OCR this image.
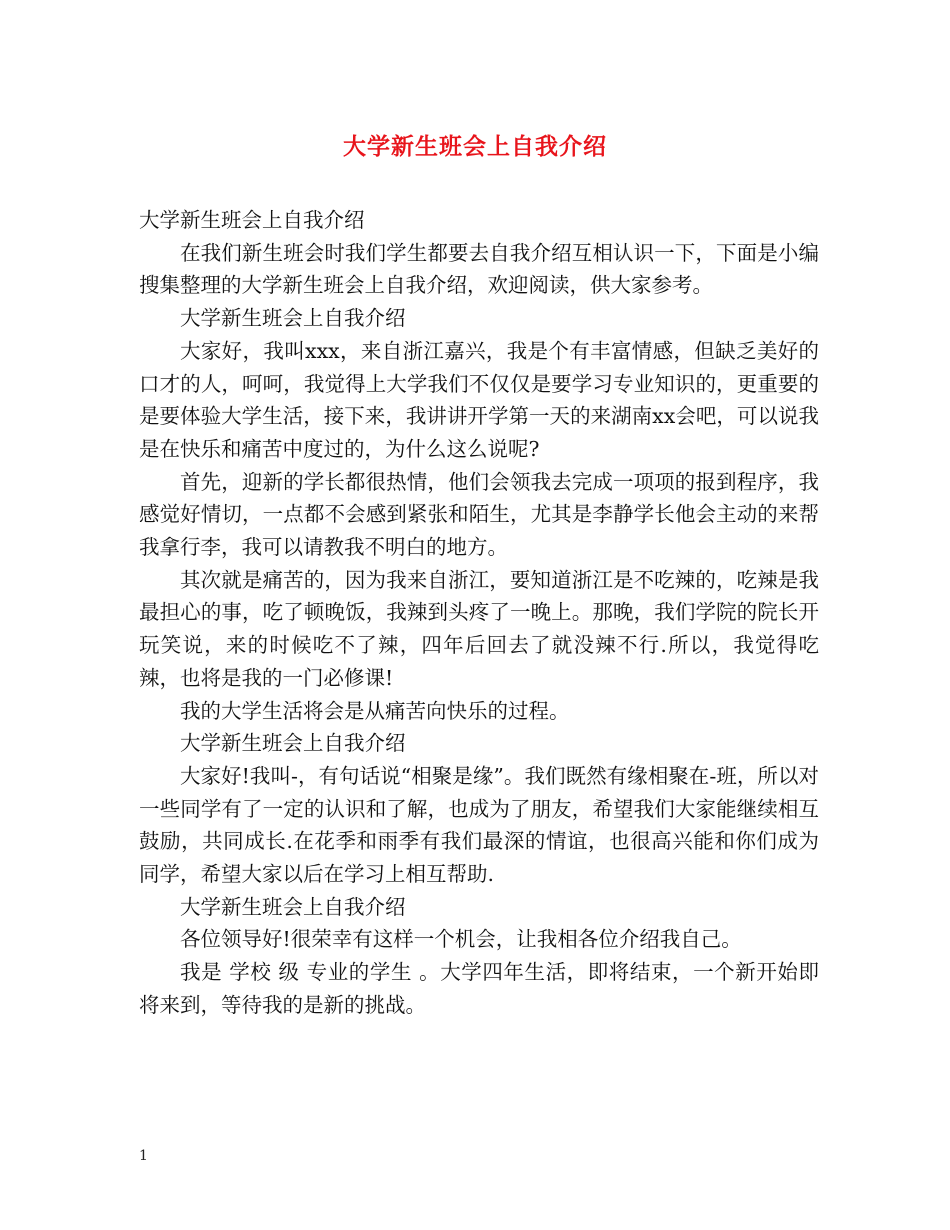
大学新生班会上自我介绍

大学新生班会上自我介绍

在我们新生班会时我们学生都要去自我介绍互相认识一下，下面是小编搜集整理的大学新生班会上自我介绍，欢迎阅读，供大家参考。

大学新生班会上自我介绍

大家好，我叫xxx，来自浙江嘉兴，我是个有丰富情感，但缺乏美好的口才的人，呵呵，我觉得上大学我们不仅仅是要学习专业知识的，更重要的是要体验大学生活，接下来，我讲讲开学第一天的来湖南xx会吧，可以说我是在快乐和痛苦中度过的，为什么这么说呢?

首先，迎新的学长都很热情，他们会领我去完成一项项的报到程序，我感觉好情切，一点都不会感到紧张和陌生，尤其是李静学长他会主动的来帮我拿行李，我可以请教我不明白的地方。

其次就是痛苦的，因为我来自浙江，要知道浙江是不吃辣的，吃辣是我最担心的事，吃了顿晚饭，我辣到头疼了一晚上。那晚，我们学院的院长开玩笑说，来的时候吃不了辣，四年后回去了就没辣不行.所以，我觉得吃辣，也将是我的一门必修课!

我的大学生活将会是从痛苦向快乐的过程。

大学新生班会上自我介绍

大家好!我叫-，有句话说“相聚是缘”。我们既然有缘相聚在-班，所以对一些同学有了一定的认识和了解，也成为了朋友，希望我们大家能继续相互鼓励，共同成长.在花季和雨季有我们最深的情谊，也很高兴能和你们成为同学，希望大家以后在学习上相互帮助.

大学新生班会上自我介绍

各位领导好!很荣幸有这样一个机会，让我相各位介绍我自己。

我是 学校 级 专业的学生 。大学四年生活，即将结束，一个新开始即将来到，等待我的是新的挑战。

1
